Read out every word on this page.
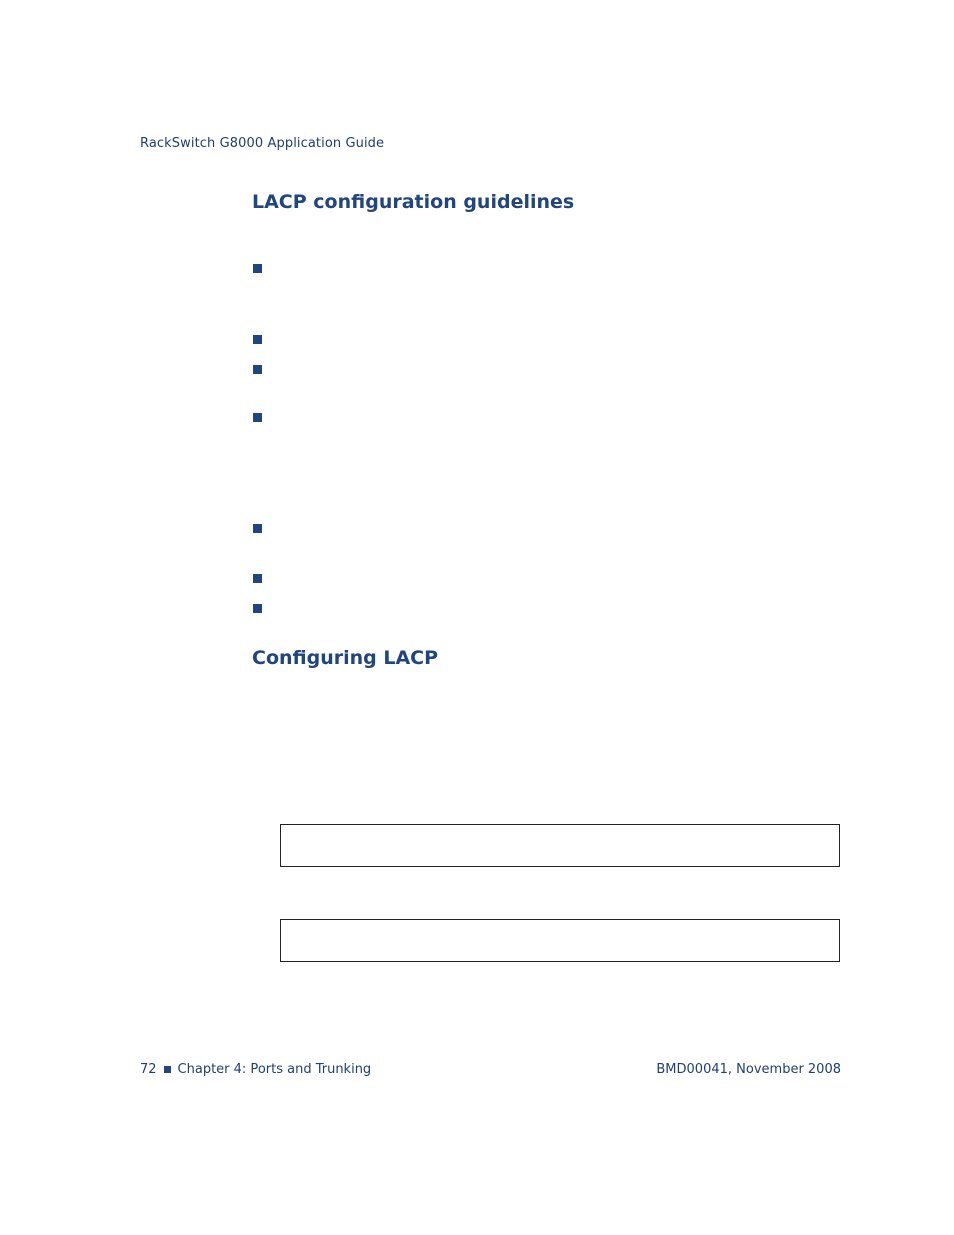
RackSwitch G8000 Application Guide
LACP configuration guidelines
Configuring LACP
72 Chapter 4: Ports and Trunking	BMD00041, November 2008
